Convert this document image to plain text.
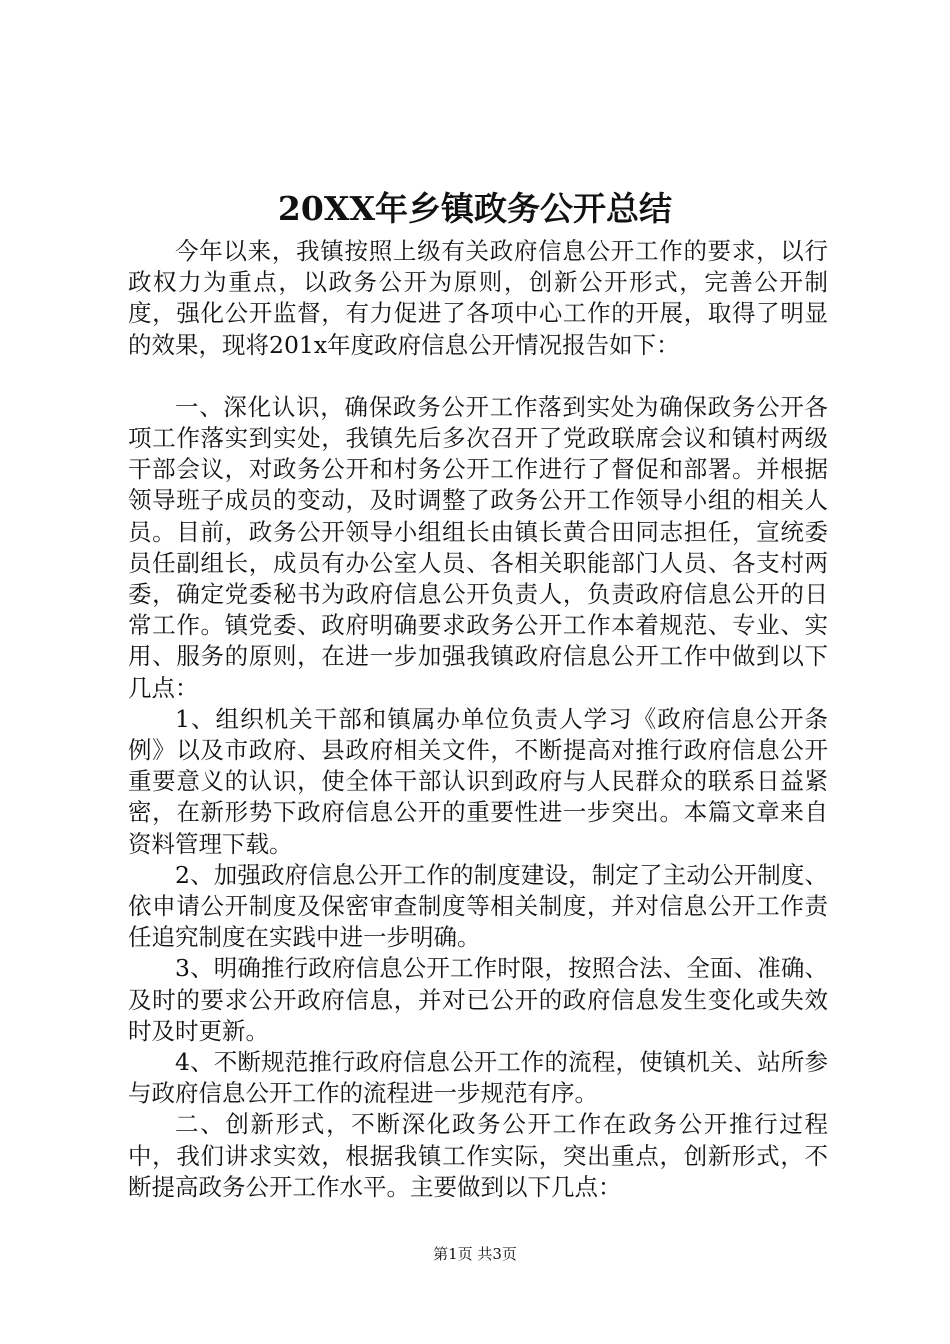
20XX年乡镇政务公开总结

今年以来，我镇按照上级有关政府信息公开工作的要求，以行政权力为重点，以政务公开为原则，创新公开形式，完善公开制度，强化公开监督，有力促进了各项中心工作的开展，取得了明显的效果，现将201x年度政府信息公开情况报告如下：

一、深化认识，确保政务公开工作落到实处为确保政务公开各项工作落实到实处，我镇先后多次召开了党政联席会议和镇村两级干部会议，对政务公开和村务公开工作进行了督促和部署。并根据领导班子成员的变动，及时调整了政务公开工作领导小组的相关人员。目前，政务公开领导小组组长由镇长黄合田同志担任，宣统委员任副组长，成员有办公室人员、各相关职能部门人员、各支村两委，确定党委秘书为政府信息公开负责人，负责政府信息公开的日常工作。镇党委、政府明确要求政务公开工作本着规范、专业、实用、服务的原则，在进一步加强我镇政府信息公开工作中做到以下几点：

1、组织机关干部和镇属办单位负责人学习《政府信息公开条例》以及市政府、县政府相关文件，不断提高对推行政府信息公开重要意义的认识，使全体干部认识到政府与人民群众的联系日益紧密，在新形势下政府信息公开的重要性进一步突出。本篇文章来自资料管理下载。

2、加强政府信息公开工作的制度建设，制定了主动公开制度、依申请公开制度及保密审查制度等相关制度，并对信息公开工作责任追究制度在实践中进一步明确。

3、明确推行政府信息公开工作时限，按照合法、全面、准确、及时的要求公开政府信息，并对已公开的政府信息发生变化或失效时及时更新。

4、不断规范推行政府信息公开工作的流程，使镇机关、站所参与政府信息公开工作的流程进一步规范有序。

二、创新形式，不断深化政务公开工作在政务公开推行过程中，我们讲求实效，根据我镇工作实际，突出重点，创新形式，不断提高政务公开工作水平。主要做到以下几点：

第1页 共3页
